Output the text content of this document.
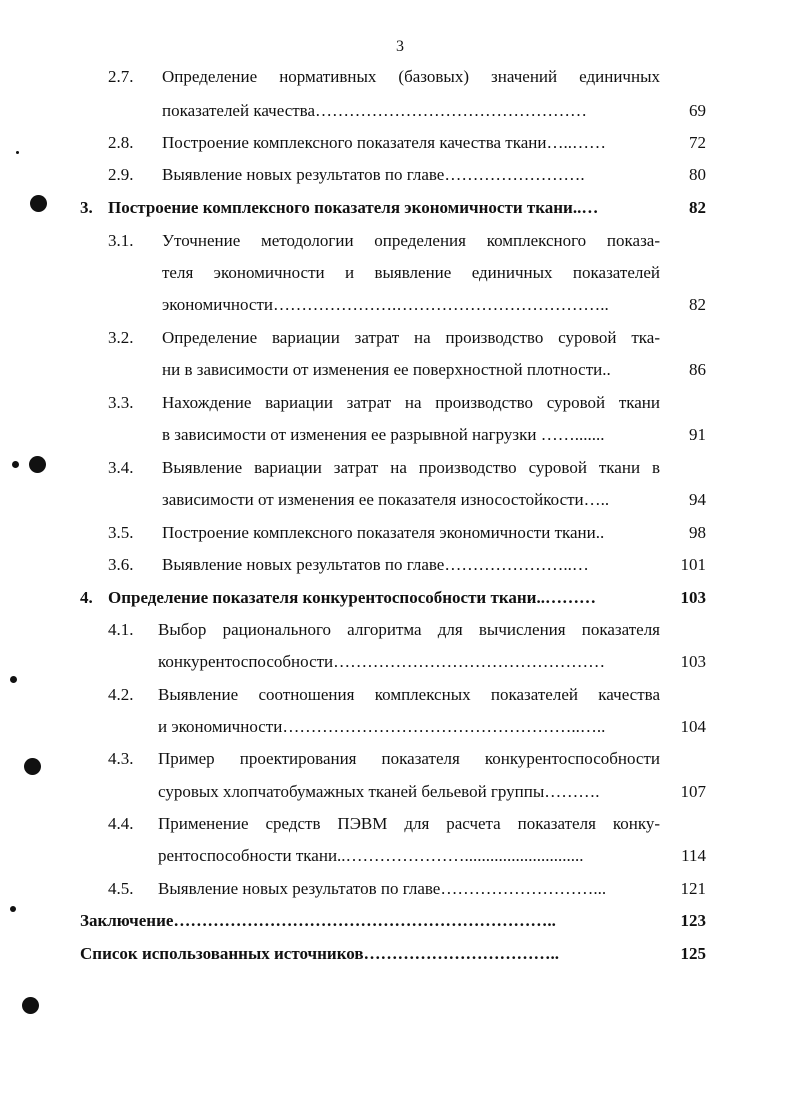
3
2.7. Определение нормативных (базовых) значений единичных
показателей качества…………………………………………	69
2.8. Построение комплексного показателя качества ткани…..……	72
2.9. Выявление новых результатов по главе…………………….	80
3. Построение комплексного показателя экономичности ткани..…	82
3.1. Уточнение методологии определения комплексного показа-
теля экономичности и выявление единичных показателей
экономичности………………….………………………………..	82
3.2. Определение вариации затрат на производство суровой тка-
ни в зависимости от изменения ее поверхностной плотности..	86
3.3. Нахождение вариации затрат на производство суровой ткани
в зависимости от изменения ее разрывной нагрузки …….......	91
3.4. Выявление вариации затрат на производство суровой ткани в
зависимости от изменения ее показателя износостойкости…..	94
3.5. Построение комплексного показателя экономичности ткани..	98
3.6. Выявление новых результатов по главе…………………..…	101
4. Определение показателя конкурентоспособности ткани..………	103
4.1. Выбор рационального алгоритма для вычисления показателя
конкурентоспособности…………………………………………	103
4.2. Выявление соотношения комплексных показателей качества
и экономичности……………………………………………..…..	104
4.3. Пример проектирования показателя конкурентоспособности
суровых хлопчатобумажных тканей бельевой группы……….	107
4.4. Применение средств ПЭВМ для расчета показателя конку-
рентоспособности ткани..…………………............................	114
4.5. Выявление новых результатов по главе………………………...	121
Заключение…………………………………………………………..	123
Список использованных источников……………………………..	125
